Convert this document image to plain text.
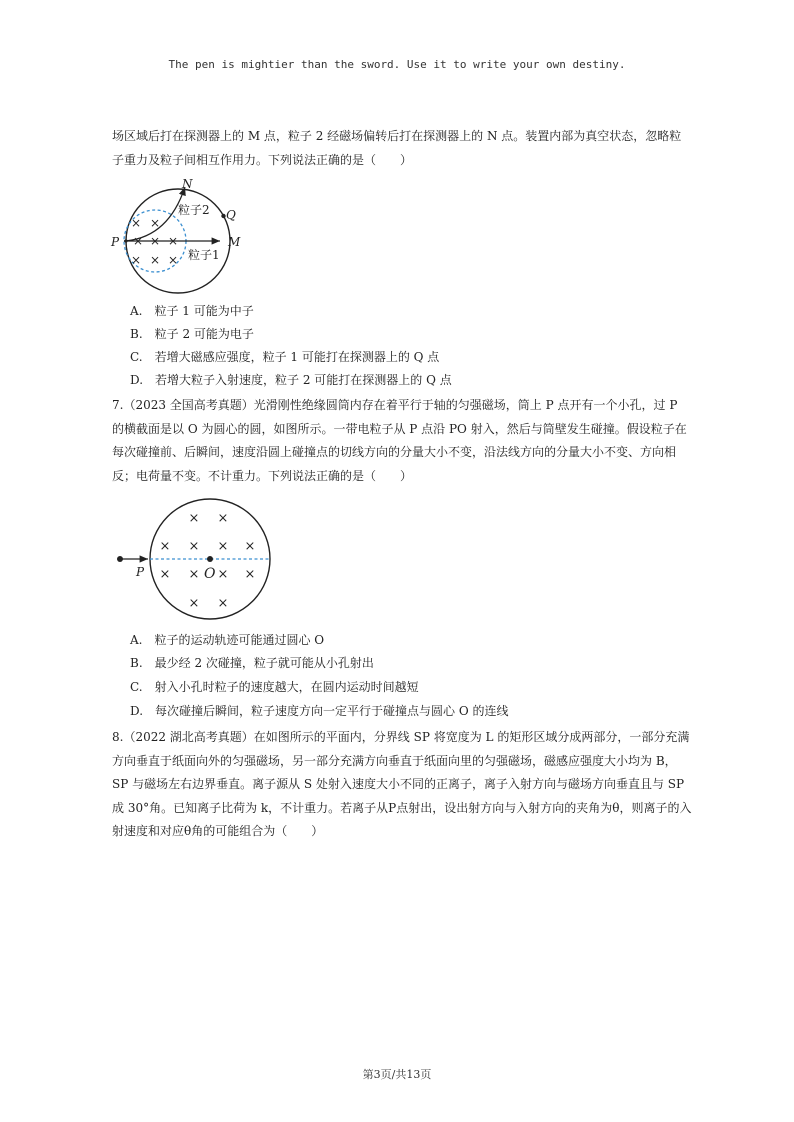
The pen is mightier than the sword. Use it to write your own destiny.
场区域后打在探测器上的 M 点，粒子 2 经磁场偏转后打在探测器上的 N 点。装置内部为真空状态，忽略粒子重力及粒子间相互作用力。下列说法正确的是（　　）
× ×
× × ×
× × ×
N
Q
P	M
粒子2
粒子1
A.　粒子 1 可能为中子
B.　粒子 2 可能为电子
C.　若增大磁感应强度，粒子 1 可能打在探测器上的 Q 点
D.　若增大粒子入射速度，粒子 2 可能打在探测器上的 Q 点
7.（2023 全国高考真题）光滑刚性绝缘圆筒内存在着平行于轴的匀强磁场，筒上 P 点开有一个小孔，过 P 的横截面是以 O 为圆心的圆，如图所示。一带电粒子从 P 点沿 PO 射入，然后与筒壁发生碰撞。假设粒子在每次碰撞前、后瞬间，速度沿圆上碰撞点的切线方向的分量大小不变，沿法线方向的分量大小不变、方向相反；电荷量不变。不计重力。下列说法正确的是（　　）
× ×
× × × ×
× × × ×
× ×
P	O
A.　粒子的运动轨迹可能通过圆心 O
B.　最少经 2 次碰撞，粒子就可能从小孔射出
C.　射入小孔时粒子的速度越大，在圆内运动时间越短
D.　每次碰撞后瞬间，粒子速度方向一定平行于碰撞点与圆心 O 的连线
8.（2022 湖北高考真题）在如图所示的平面内，分界线 SP 将宽度为 L 的矩形区域分成两部分，一部分充满方向垂直于纸面向外的匀强磁场，另一部分充满方向垂直于纸面向里的匀强磁场，磁感应强度大小均为 B，SP 与磁场左右边界垂直。离子源从 S 处射入速度大小不同的正离子，离子入射方向与磁场方向垂直且与 SP 成 30°角。已知离子比荷为 k，不计重力。若离子从P点射出，设出射方向与入射方向的夹角为θ，则离子的入射速度和对应θ角的可能组合为（　　）
第3页/共13页
